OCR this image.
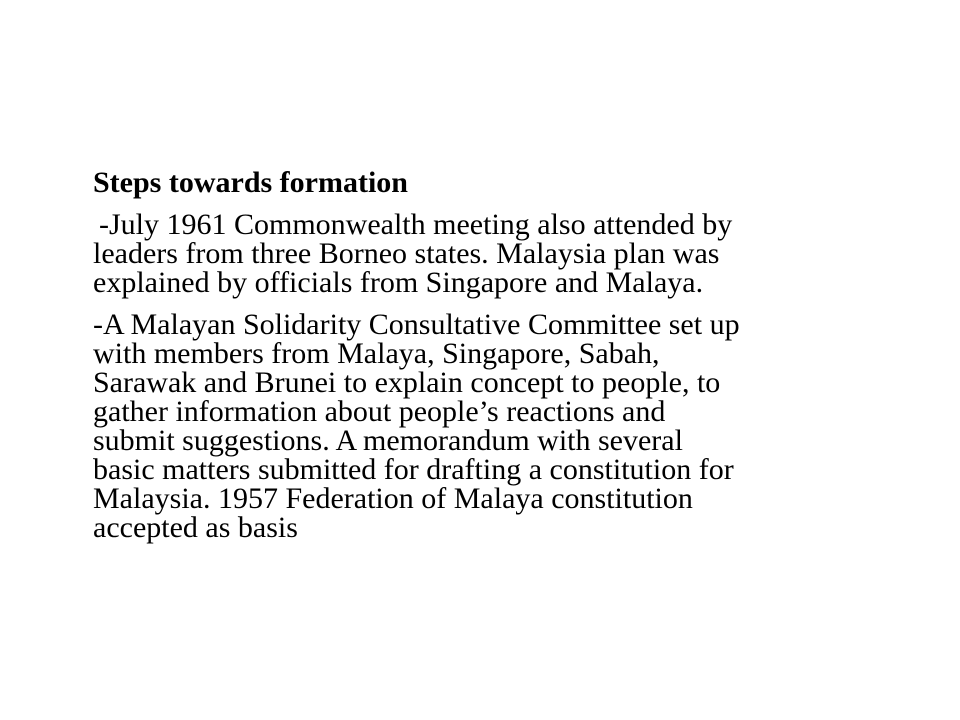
Steps towards formation
-July 1961 Commonwealth meeting also attended by
leaders from three Borneo states. Malaysia plan was
explained by officials from Singapore and Malaya.
-A Malayan Solidarity Consultative Committee set up
with members from Malaya, Singapore, Sabah,
Sarawak and Brunei to explain concept to people, to
gather information about people’s reactions and
submit suggestions. A memorandum with several
basic matters submitted for drafting a constitution for
Malaysia. 1957 Federation of Malaya constitution
accepted as basis
